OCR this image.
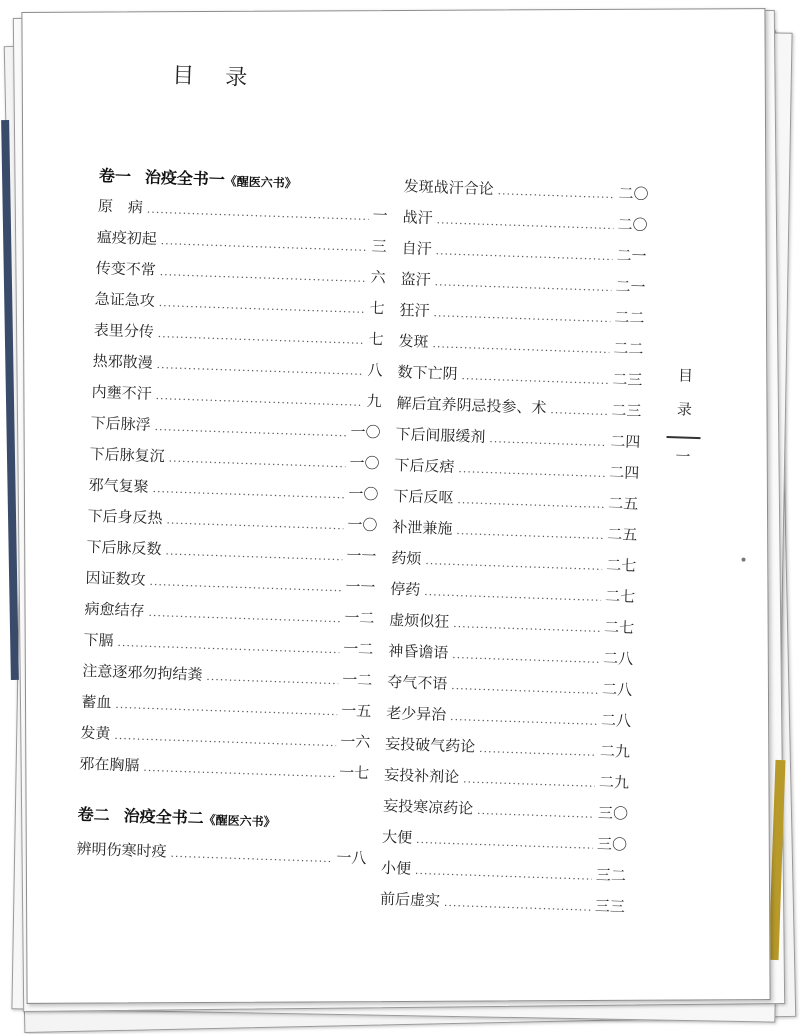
目 录
卷一 治疫全书一《醒医六书》
原　病 .....	一
瘟疫初起 .....	三
传变不常 .....	六
急证急攻 .....	七
表里分传 .....	七
热邪散漫 .....	八
内壅不汗 .....	九
下后脉浮 .....	一〇
下后脉复沉 .....	一〇
邪气复聚 .....	一〇
下后身反热 .....	一〇
下后脉反数 .....	一一
因证数攻 .....	一一
病愈结存 .....	一二
下膈 .....	一二
注意逐邪勿拘结粪 .....	一二
蓄血 .....	一五
发黄 .....	一六
邪在胸膈 .....	一七
卷二 治疫全书二《醒医六书》
辨明伤寒时疫 .....	一八
发斑战汗合论 .....	二〇
战汗 .....	二〇
自汗 .....	二一
盗汗 .....	二一
狂汗 .....	二二
发斑 .....	二二
数下亡阴 .....	二三
解后宜养阴忌投参、术 .....	二三
下后间服缓剂 .....	二四
下后反痞 .....	二四
下后反呕 .....	二五
补泄兼施 .....	二五
药烦 .....	二七
停药 .....	二七
虚烦似狂 .....	二七
神昏谵语 .....	二八
夺气不语 .....	二八
老少异治 .....	二八
妄投破气药论 .....	二九
妄投补剂论 .....	二九
妄投寒凉药论 .....	三〇
大便 .....	三〇
小便 .....	三二
前后虚实 .....	三三
目
录
一
